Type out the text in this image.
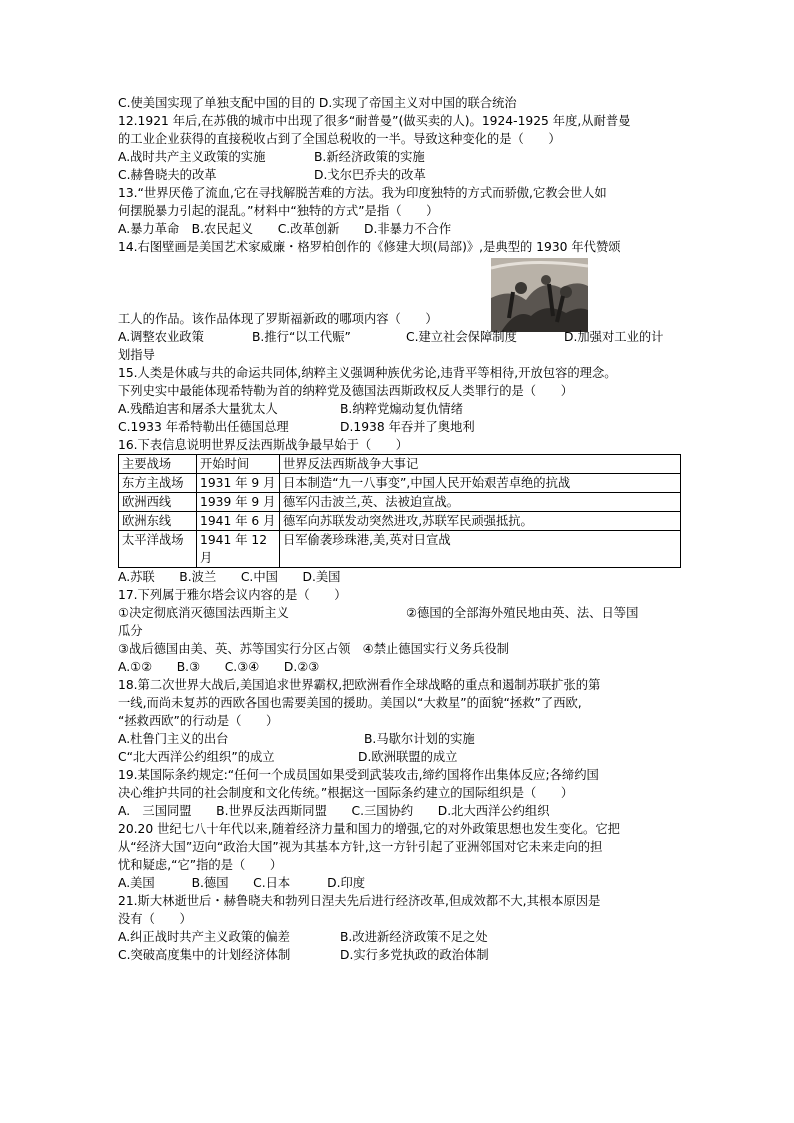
C.使美国实现了单独支配中国的目的 D.实现了帝国主义对中国的联合统治
12.1921 年后,在苏俄的城市中出现了很多“耐普曼”(做买卖的人)。1924-1925 年度,从耐普曼
的工业企业获得的直接税收占到了全国总税收的一半。导致这种变化的是（　　）
A.战时共产主义政策的实施	B.新经济政策的实施
C.赫鲁晓夫的改革	D.戈尔巴乔夫的改革
13.“世界厌倦了流血,它在寻找解脱苦难的方法。我为印度独特的方式而骄傲,它教会世人如
何摆脱暴力引起的混乱。”材料中“独特的方式”是指（　　）
A.暴力革命　B.农民起义　　C.改革创新　　D.非暴力不合作
14.右图壁画是美国艺术家威廉・格罗柏创作的《修建大坝(局部)》,是典型的 1930 年代赞颂
工人的作品。该作品体现了罗斯福新政的哪项内容（　　）
A.调整农业政策	B.推行“以工代赈”	C.建立社会保障制度	D.加强对工业的计
划指导
15.人类是休戚与共的命运共同体,纳粹主义强调种族优劣论,违背平等相待,开放包容的理念。
下列史实中最能体现希特勒为首的纳粹党及德国法西斯政权反人类罪行的是（　　）
A.残酷迫害和屠杀大量犹太人	B.纳粹党煽动复仇情绪
C.1933 年希特勒出任德国总理	D.1938 年吞并了奥地利
16.下表信息说明世界反法西斯战争最早始于（　　）
主要战场	开始时间	世界反法西斯战争大事记
东方主战场	1931 年 9 月	日本制造“九一八事变”,中国人民开始艰苦卓绝的抗战
欧洲西线	1939 年 9 月	德军闪击波兰,英、法被迫宣战。
欧洲东线	1941 年 6 月	德军向苏联发动突然进攻,苏联军民顽强抵抗。
太平洋战场	1941 年 12 月	日军偷袭珍珠港,美,英对日宣战
A.苏联　　B.波兰　　C.中国　　D.美国
17.下列属于雅尔塔会议内容的是（　　）
①决定彻底消灭德国法西斯主义	②德国的全部海外殖民地由英、法、日等国
瓜分
③战后德国由美、英、苏等国实行分区占领　④禁止德国实行义务兵役制
A.①②　　B.③　　C.③④　　D.②③
18.第二次世界大战后,美国追求世界霸权,把欧洲看作全球战略的重点和遏制苏联扩张的第
一线,而尚未复苏的西欧各国也需要美国的援助。美国以“大救星”的面貌“拯救”了西欧,
“拯救西欧”的行动是（　　）
A.杜鲁门主义的出台	B.马歇尔计划的实施
C“北大西洋公约组织”的成立	D.欧洲联盟的成立
19.某国际条约规定:“任何一个成员国如果受到武装攻击,缔约国将作出集体反应;各缔约国
决心维护共同的社会制度和文化传统。”根据这一国际条约建立的国际组织是（　　）
A.　三国同盟　　B.世界反法西斯同盟　　C.三国协约　　D.北大西洋公约组织
20.20 世纪七八十年代以来,随着经济力量和国力的增强,它的对外政策思想也发生变化。它把
从“经济大国”迈向“政治大国”视为其基本方针,这一方针引起了亚洲邻国对它未来走向的担
忧和疑虑,“它”指的是（　　）
A.美国　　　B.德国　　C.日本　　　D.印度
21.斯大林逝世后・赫鲁晓夫和勃列日涅夫先后进行经济改革,但成效都不大,其根本原因是
没有（　　）
A.纠正战时共产主义政策的偏差	B.改进新经济政策不足之处
C.突破高度集中的计划经济体制	D.实行多党执政的政治体制
